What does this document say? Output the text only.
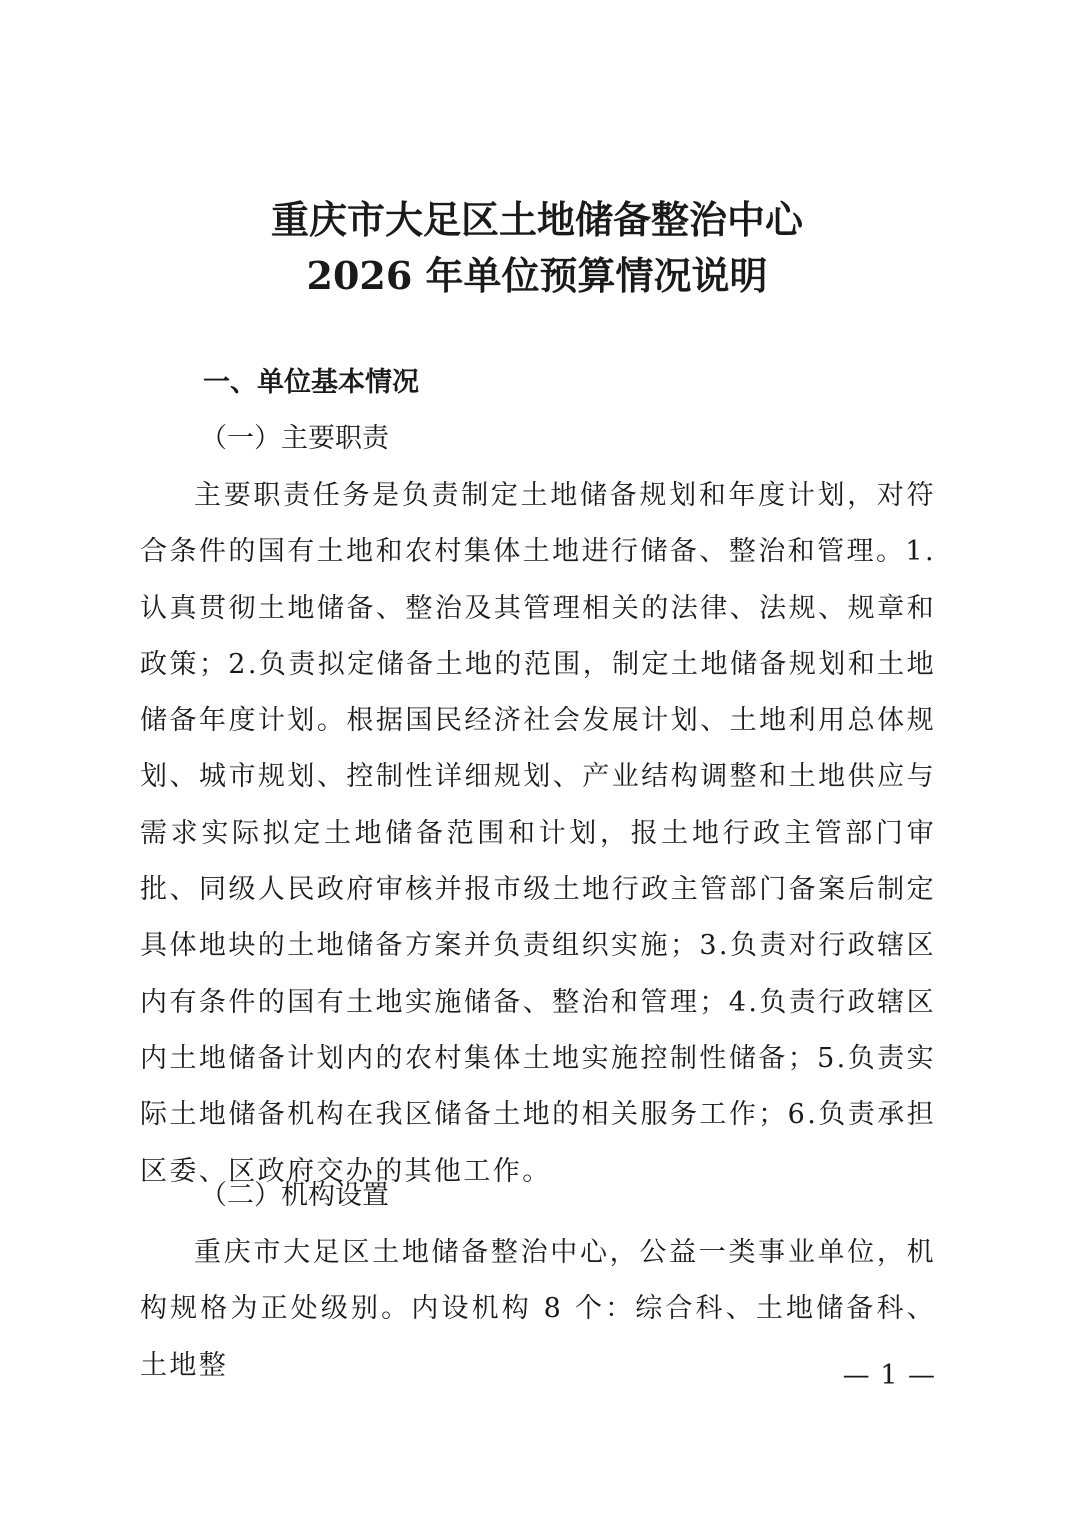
重庆市大足区土地储备整治中心
2026 年单位预算情况说明
一、单位基本情况
（一）主要职责

主要职责任务是负责制定土地储备规划和年度计划，对符合条件的国有土地和农村集体土地进行储备、整治和管理。1.认真贯彻土地储备、整治及其管理相关的法律、法规、规章和政策；2.负责拟定储备土地的范围，制定土地储备规划和土地储备年度计划。根据国民经济社会发展计划、土地利用总体规划、城市规划、控制性详细规划、产业结构调整和土地供应与需求实际拟定土地储备范围和计划，报土地行政主管部门审批、同级人民政府审核并报市级土地行政主管部门备案后制定具体地块的土地储备方案并负责组织实施；3.负责对行政辖区内有条件的国有土地实施储备、整治和管理；4.负责行政辖区内土地储备计划内的农村集体土地实施控制性储备；5.负责实际土地储备机构在我区储备土地的相关服务工作；6.负责承担区委、区政府交办的其他工作。

（二）机构设置

重庆市大足区土地储备整治中心，公益一类事业单位，机构规格为正处级别。内设机构 8 个：综合科、土地储备科、土地整	— 1 —
